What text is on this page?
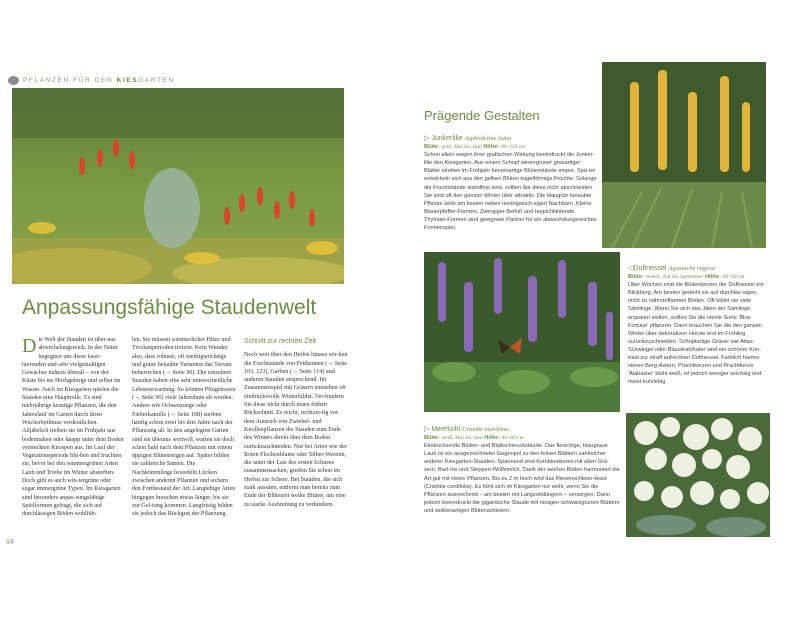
PFLANZEN FÜR DEN KIESGARTEN
Prägende Gestalten
Anpassungsfähige Staudenwelt

Die Welt der Stauden ist über-aus abwechslungsreich. In der Natur begegnen uns diese faszi-nierenden und sehr vielgestaltigen Gewächse nahezu überall – von der Küste bis ins Hochgebirge und selbst im Wasser. Auch im Kiesgarten spielen die Stauden eine Hauptrolle. Es sind mehrjährige krautige Pflanzen, die den Jahreslauf im Garten durch ihren Wuchsrhythmus verdeutlichen. Alljährlich treiben sie im Frühjahr aus bodennahen oder knapp unter dem Boden versteckten Knospen aus. Im Lauf der Vegetationsperiode blü-hen und fruchten sie, bevor bei den sommergrünen Arten Laub und Triebe im Winter absterben. Doch gibt es auch win-tergrüne oder sogar immergrüne Typen. Im Kiesgarten sind besonders anpas-sungsfähige Spielformen gefragt, die sich auf durchlässigen Böden wohlfüh-

len. Sie müssen sommerlicher Hitze und Trockenperioden trotzen. Kein Wunder also, dass robuste, oft niedrigwüchsige und graue belaubte Varianten das Terrain beherrschen (→ Seite 96). Die einzelnen Stauden haben eine sehr unterschiedliche Lebenserwartung. So können Pfingstrosen (→ Seite 96) viele Jahrzehnte alt werden. Andere wie Ochsenzunge oder Färberkamille (→ Seite 108) sterben häufig schon zwei bis drei Jahre nach der Pflanzung ab. In den angelegten Gärten sind sie überaus wertvoll, warten sie doch schon bald nach dem Pflanzen mit einem üppigen Blütenreigen auf. Später bilden sie zahlreiche Samen. Die Nachkömmlinge besiedeln Lücken zwischen anderen Pflanzen und sichern den Fortbestand der Art. Langlebige Arten hingegen brauchen etwas länger, bis sie zur Gel-tung kommen. Langfristig bilden sie jedoch das Rückgrat der Pflanzung.

Schnitt zur rechten Zeit
Noch weit über den Herbst hinaus wir-ken die Fruchtstände von Fetthennen (→ Seite 103, 123), Garben (→ Seite 114) und anderen Stauden ansprechend. Im Zusammenspiel mit Gräsern entstehen oft eindrucksvolle Winterbilder. Ver-hindern Sie diese nicht durch einen frühen Rückschnitt. Es reicht, rechtzei-tig vor dem Austrieb von Zwiebel- und Knollenpflanzen die Stauden zum Ende des Winters direkt über dem Boden zurückzuschneiden. Nur bei Arten wie der Roten Flockenblume oder Silber-Wermut, die unter der Last des ersten Schnees zusammensacken, greifen Sie schon im Herbst zur Schere. Bei Stauden, die sich stark aussäen, entfernt man bereits zum Ende der Blütezeit welke Blüten, um eine zu starke Ausbreitung zu verhindern.
94
▷ Junkerlilie Asphodeline lutea
Blüte: gelb, Mai bis Juni Höhe: 90–110 cm
Schon allein wegen ihrer grafischen Wirkung beeindruckt die Junker-lilie den Kiesgarten. Aus einem Schopf wintergrüner grasartiger Blätter streben im Frühjahr kerzenartige Blütenstände empor. Spä-ter entwickeln sich aus den gelben Blüten kugelförmige Früchte. Solange die Fruchtstände standfest sind, sollten Sie diese nicht abschneiden. Sie sind oft den ganzen Winter über attraktiv. Die blaugrün belaubte Pflanze wirkt am besten neben niedrigwüch-sigen Nachbarn. Kleine Mauerpfeffer-Formen, Zwergiger Beifuß und teppichbildende Thymian-Formen sind geeignete Partner für ein abwechslungsreiches Formenspiel.
◁Duftnessel Agastache rugosa
Blüte: violett, Juli bis September Höhe: 60–90 cm
Über Wochen sind die Blütenkerzen der Duftnessel ein Blickfang. Am besten gedeiht sie auf durchläs-sigen, nicht zu nährstoffarmen Böden. Oft bildet sie viele Sämlinge. Wenn Sie sich das Jäten der Sämlinge ersparen wollen, sollten Sie die sterile Sorte 'Blue Fortune' pflanzen. Dann brauchen Sie die den ganzen Winter über dekorativen Horste erst im Frühling zurückzuschneiden. Schopfartige Gräser wie Atlas-Schwingel oder Blaustrahlhafer sind ein schöner Kon-trast zur straff aufrechten Duftnessel. Farblich harmo-nieren Berg-Astern, Prachtkerzen und Prachtkerze. 'Alabaster' blüht weiß, ist jedoch weniger wüchsig und meist kurzlebig.
▷ Meerkohl Crambe maritima
Blüte: weiß, Mai bis Juni Höhe: 40–60 cm
Eindrucksvolle Blüten- und Blattschmuckstaude. Das fleischige, blaugraue Laub ist ein ausgezeichneter Gegenpol zu den feinen Blättern zahlreicher anderer Kiesgarten-Stauden. Spannend sind Kombinationen mit allen Grä-sern, Bart-Iris und Steppen-Wolfsmilch. Dank der weißen Blüten harmoniert die Art gut mit vielen Pflanzen. Bis zu 2 m hoch wird das Riesenschleier-kraut (Crambe cordifolia). Es fühlt sich im Kiesgarten nur wohl, wenn Sie die Pflanzen ausreichend – am besten mit Langzeitdüngern – versorgen. Dann jedoch beeindruckt die gigantische Staude mit riesigen schwarzgrünen Blättern und wolkenartigen Blütenschleiern.
